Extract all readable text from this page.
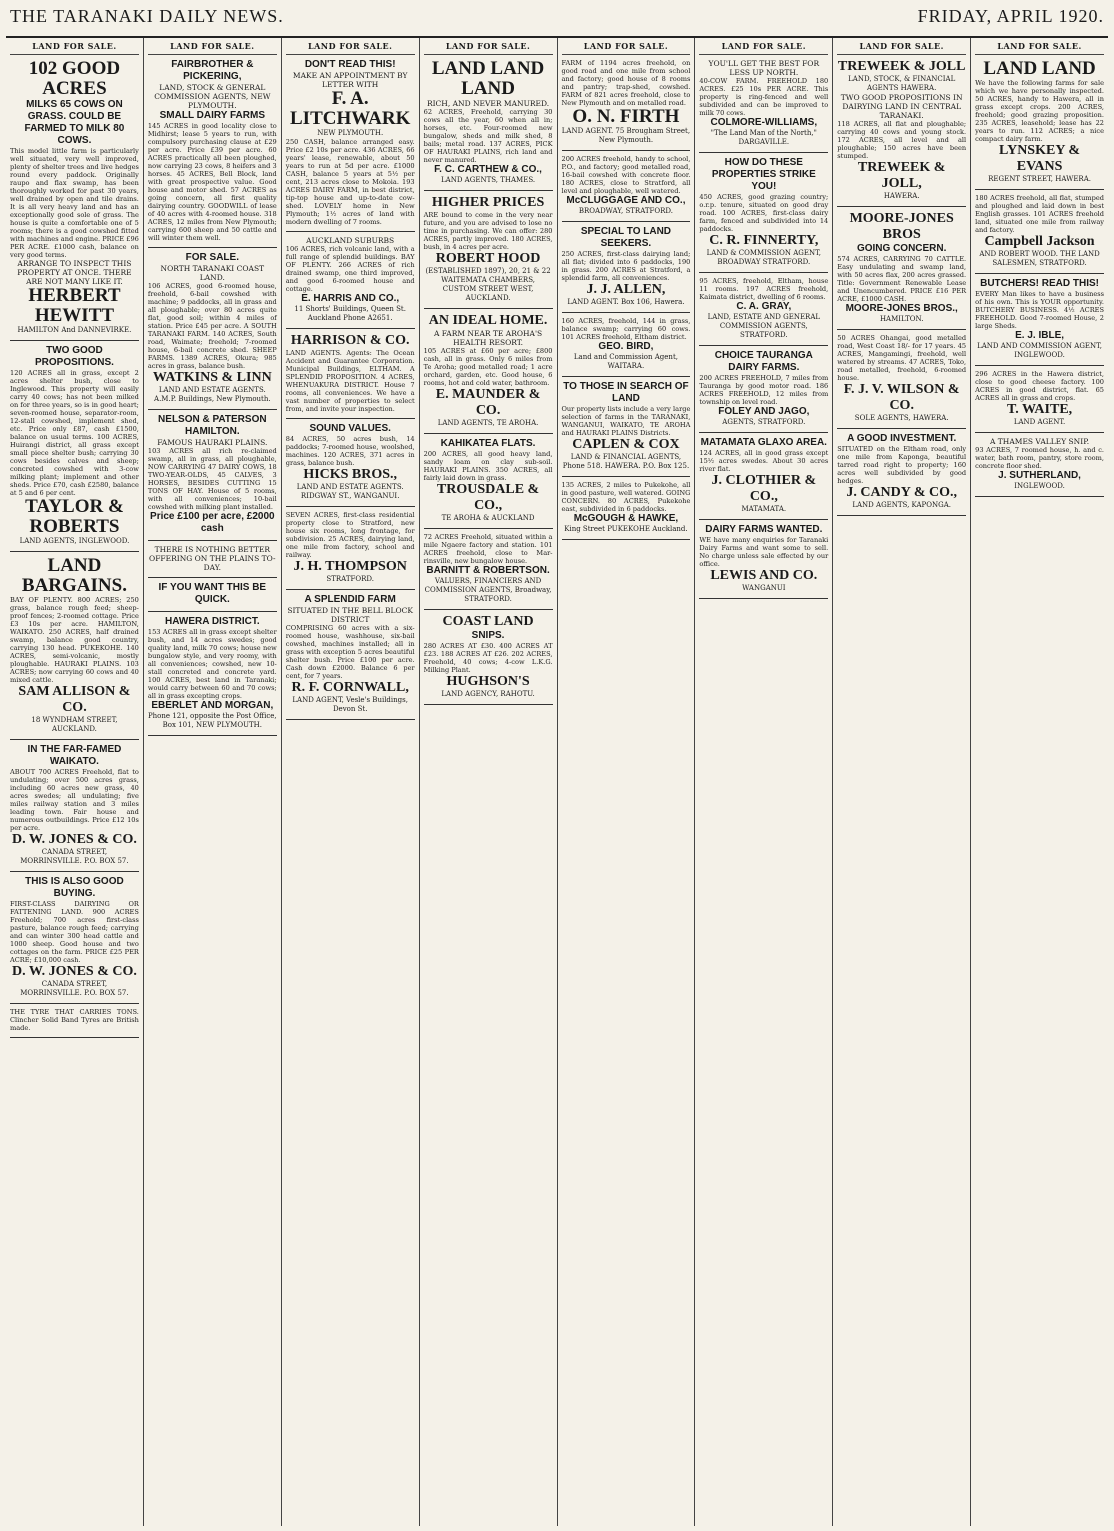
THE TARANAKI DAILY NEWS.	FRIDAY, APRIL 1920.
LAND FOR SALE.
102 GOOD ACRES
MILKS 65 COWS ON GRASS. COULD BE FARMED TO MILK 80 COWS.
This model little farm is particularly well situated, very well improved, plenty of shelter trees and live hedges round every paddock. Originally raupo and flax swamp, has been thoroughly worked for past 30 years, well drained by open and tile drains. It is all very heavy land and has an exceptionally good sole of grass. The house is quite a comfortable one of 5 rooms; there is a good cowshed fitted with machines and engine. PRICE £96 PER ACRE. £1000 cash, balance on very good terms.
ARRANGE TO INSPECT THIS PROPERTY AT ONCE. THERE ARE NOT MANY LIKE IT.
HERBERT HEWITT
HAMILTON And DANNEVIRKE.
TWO GOOD PROPOSITIONS.
120 ACRES all in grass, except 2 acres shelter bush, close to Inglewood. This property will easily carry 40 cows; has not been milked on for three years, so is in good heart; seven-roomed house, separator-room, 12-stall cowshed, implement shed, etc. Price only £87, cash £1500, balance on usual terms. 100 ACRES, Huirangi district, all grass except small piece shelter bush; carrying 30 cows besides calves and sheep; concreted cowshed with 3-cow milking plant; implement and other sheds. Price £70, cash £2580, balance at 5 and 6 per cent.
TAYLOR & ROBERTS
LAND AGENTS, INGLEWOOD.
LAND BARGAINS.
BAY OF PLENTY. 800 ACRES; 250 grass, balance rough feed; sheep-proof fences; 2-roomed cottage. Price £3 10s per acre. HAMILTON, WAIKATO. 250 ACRES, half drained swamp, balance good country, carrying 130 head. PUKEKOHE. 140 ACRES, semi-volcanic, mostly ploughable. HAURAKI PLAINS. 103 ACRES; now carrying 60 cows and 40 mixed cattle.
SAM ALLISON & CO.
18 WYNDHAM STREET, AUCKLAND.
IN THE FAR-FAMED WAIKATO.
ABOUT 700 ACRES Freehold, flat to undulating; over 500 acres grass, including 60 acres new grass, 40 acres swedes; all undulating; five miles railway station and 3 miles leading town. Fair house and numerous outbuildings. Price £12 10s per acre.
D. W. JONES & CO.
CANADA STREET, MORRINSVILLE. P.O. BOX 57.
THIS IS ALSO GOOD BUYING.
FIRST-CLASS DAIRYING OR FATTENING LAND. 900 ACRES Freehold; 700 acres first-class pasture, balance rough feed; carrying and can winter 300 head cattle and 1000 sheep. Good house and two cottages on the farm. PRICE £25 PER ACRE; £10,000 cash.
D. W. JONES & CO.
CANADA STREET, MORRINSVILLE. P.O. BOX 57.
THE TYRE THAT CARRIES TONS. Clincher Solid Band Tyres are British made.
LAND FOR SALE.
FAIRBROTHER & PICKERING,
LAND, STOCK & GENERAL COMMISSION AGENTS, NEW PLYMOUTH.
SMALL DAIRY FARMS
145 ACRES in good locality close to Midhirst; lease 5 years to run, with compulsory purchasing clause at £29 per acre. Price £39 per acre. 60 ACRES practically all been ploughed, now carrying 23 cows, 8 heifers and 3 horses. 45 ACRES, Bell Block, land with great prospective value. Good house and motor shed. 57 ACRES as going concern, all first quality dairying country. GOODWILL of lease of 40 acres with 4-roomed house. 318 ACRES, 12 miles from New Plymouth; carrying 600 sheep and 50 cattle and will winter them well.
FOR SALE.
NORTH TARANAKI COAST LAND.
106 ACRES, good 6-roomed house, freehold, 6-bail cowshed with machine; 9 paddocks, all in grass and all ploughable; over 80 acres quite flat, good soil; within 4 miles of station. Price £45 per acre. A SOUTH TARANAKI FARM. 140 ACRES, South road, Waimate; freehold; 7-roomed house, 6-bail concrete shed. SHEEP FARMS. 1389 ACRES, Okura; 985 acres in grass, balance bush.
WATKINS & LINN
LAND AND ESTATE AGENTS. A.M.P. Buildings, New Plymouth.
NELSON & PATERSON HAMILTON.
FAMOUS HAURAKI PLAINS.
103 ACRES all rich re-claimed swamp, all in grass, all ploughable, NOW CARRYING 47 DAIRY COWS, 18 TWO-YEAR-OLDS, 45 CALVES, 3 HORSES, BESIDES CUTTING 15 TONS OF HAY. House of 5 rooms, with all conveniences; 10-bail cowshed with milking plant installed.
Price £100 per acre, £2000 cash
THERE IS NOTHING BETTER OFFERING ON THE PLAINS TO-DAY.
IF YOU WANT THIS BE QUICK.
HAWERA DISTRICT.
153 ACRES all in grass except shelter bush, and 14 acres swedes; good quality land, milk 70 cows; house new bungalow style, and very roomy, with all conveniences; cowshed, new 10-stall concreted and concrete yard. 100 ACRES, best land in Taranaki; would carry between 60 and 70 cows; all in grass excepting crops.
EBERLET AND MORGAN,
Phone 121, opposite the Post Office, Box 101, NEW PLYMOUTH.
LAND FOR SALE.
DON'T READ THIS!
MAKE AN APPOINTMENT BY LETTER WITH
F. A. LITCHWARK
NEW PLYMOUTH.
250 CASH, balance arranged easy. Price £2 10s per acre. 436 ACRES, 66 years' lease, renewable, about 50 years to run at 5d per acre. £1000 CASH, balance 5 years at 5½ per cent, 213 acres close to Mokoia. 193 ACRES DAIRY FARM, in best district, tip-top house and up-to-date cow-shed. LOVELY home in New Plymouth; 1½ acres of land with modern dwelling of 7 rooms.
AUCKLAND SUBURBS
106 ACRES, rich volcanic land, with a full range of splendid buildings. BAY OF PLENTY. 266 ACRES of rich drained swamp, one third improved, and good 6-roomed house and cottage.
E. HARRIS AND CO.,
11 Shorts' Buildings, Queen St. Auckland Phone A2651.
HARRISON & CO.
LAND AGENTS. Agents: The Ocean Accident and Guarantee Corporation. Municipal Buildings, ELTHAM. A SPLENDID PROPOSITION. 4 ACRES, WHENUAKURA DISTRICT. House 7 rooms, all conveniences. We have a vast number of properties to select from, and invite your inspection.
SOUND VALUES.
84 ACRES, 50 acres bush, 14 paddocks; 7-roomed house, woolshed, machines. 120 ACRES, 371 acres in grass, balance bush.
HICKS BROS.,
LAND AND ESTATE AGENTS. RIDGWAY ST., WANGANUI.
SEVEN ACRES, first-class residential property close to Stratford, new house six rooms, long frontage, for subdivision. 25 ACRES, dairying land, one mile from factory, school and railway.
J. H. THOMPSON
STRATFORD.
A SPLENDID FARM
SITUATED IN THE BELL BLOCK DISTRICT
COMPRISING 60 acres with a six-roomed house, washhouse, six-bail cowshed, machines installed; all in grass with exception 5 acres beautiful shelter bush. Price £100 per acre. Cash down £2000. Balance 6 per cent, for 7 years.
R. F. CORNWALL,
LAND AGENT, Vesle's Buildings, Devon St.
LAND FOR SALE.
LAND LAND LAND
RICH, AND NEVER MANURED.
62 ACRES, Freehold, carrying 30 cows all the year, 60 when all in; horses, etc. Four-roomed new bungalow, sheds and milk shed, 8 bails; metal road. 137 ACRES, PICK OF HAURAKI PLAINS, rich land and never manured.
F. C. CARTHEW & CO.,
LAND AGENTS, THAMES.
HIGHER PRICES
ARE bound to come in the very near future, and you are advised to lose no time in purchasing. We can offer: 280 ACRES, partly improved. 180 ACRES, bush, in 4 acres per acre.
ROBERT HOOD
(ESTABLISHED 1897), 20, 21 & 22 WAITEMATA CHAMBERS, CUSTOM STREET WEST, AUCKLAND.
AN IDEAL HOME.
A FARM NEAR TE AROHA'S HEALTH RESORT.
105 ACRES at £60 per acre; £800 cash, all in grass. Only 6 miles from Te Aroha; good metalled road; 1 acre orchard, garden, etc. Good house, 6 rooms, hot and cold water, bathroom.
E. MAUNDER & CO.
LAND AGENTS, TE AROHA.
KAHIKATEA FLATS.
200 ACRES, all good heavy land, sandy loam on clay sub-soil. HAURAKI PLAINS. 350 ACRES, all fairly laid down in grass.
TROUSDALE & CO.,
TE AROHA & AUCKLAND
72 ACRES Freehold, situated within a mile Ngaere factory and station. 101 ACRES freehold, close to Mar-rinsville, new bungalow house.
BARNITT & ROBERTSON.
VALUERS, FINANCIERS AND COMMISSION AGENTS, Broadway, STRATFORD.
COAST LAND
SNIPS.
280 ACRES AT £30. 400 ACRES AT £23. 188 ACRES AT £26. 202 ACRES, Freehold, 40 cows; 4-cow L.K.G. Milking Plant.
HUGHSON'S
LAND AGENCY, RAHOTU.
LAND FOR SALE.
FARM of 1194 acres freehold, on good road and one mile from school and factory; good house of 8 rooms and pantry; trap-shed, cowshed. FARM of 821 acres freehold, close to New Plymouth and on metalled road.
O. N. FIRTH
LAND AGENT. 75 Brougham Street, New Plymouth.
200 ACRES freehold, handy to school, P.O., and factory; good metalled road, 16-bail cowshed with concrete floor. 180 ACRES, close to Stratford, all level and ploughable, well watered.
McCLUGGAGE AND CO.,
BROADWAY, STRATFORD.
SPECIAL TO LAND SEEKERS.
250 ACRES, first-class dairying land; all flat; divided into 6 paddocks, 190 in grass. 200 ACRES at Stratford, a splendid farm, all conveniences.
J. J. ALLEN,
LAND AGENT. Box 106, Hawera.
160 ACRES, freehold, 144 in grass, balance swamp; carrying 60 cows. 101 ACRES freehold, Eltham district.
GEO. BIRD,
Land and Commission Agent, WAITARA.
TO THOSE IN SEARCH OF LAND
Our property lists include a very large selection of farms in the TARANAKI, WANGANUI, WAIKATO, TE AROHA and HAURAKI PLAINS Districts.
CAPLEN & COX
LAND & FINANCIAL AGENTS, Phone 518. HAWERA. P.O. Box 125.
135 ACRES, 2 miles to Pukekohe, all in good pasture, well watered. GOING CONCERN. 80 ACRES, Pukekohe east, subdivided in 6 paddocks.
McGOUGH & HAWKE,
King Street PUKEKOHE Auckland.
LAND FOR SALE.
YOU'LL GET THE BEST FOR LESS UP NORTH.
40-COW FARM. FREEHOLD 180 ACRES. £25 10s PER ACRE. This property is ring-fenced and well subdivided and can be improved to milk 70 cows.
COLMORE-WILLIAMS,
"The Land Man of the North," DARGAVILLE.
HOW DO THESE PROPERTIES STRIKE YOU!
450 ACRES, good grazing country; o.r.p. tenure, situated on good dray road. 100 ACRES, first-class dairy farm, fenced and subdivided into 14 paddocks.
C. R. FINNERTY,
LAND & COMMISSION AGENT, BROADWAY STRATFORD.
95 ACRES, freehold, Eltham, house 11 rooms. 197 ACRES freehold, Kaimata district, dwelling of 6 rooms.
C. A. GRAY,
LAND, ESTATE AND GENERAL COMMISSION AGENTS, STRATFORD.
CHOICE TAURANGA DAIRY FARMS.
200 ACRES FREEHOLD, 7 miles from Tauranga by good motor road. 186 ACRES FREEHOLD, 12 miles from township on level road.
FOLEY AND JAGO,
AGENTS, STRATFORD.
MATAMATA GLAXO AREA.
124 ACRES, all in good grass except 15½ acres swedes. About 30 acres river flat.
J. CLOTHIER & CO.,
MATAMATA.
DAIRY FARMS WANTED.
WE have many enquiries for Taranaki Dairy Farms and want some to sell. No charge unless sale effected by our office.
LEWIS AND CO.
WANGANUI
LAND FOR SALE.
TREWEEK & JOLL
LAND, STOCK, & FINANCIAL AGENTS HAWERA.
TWO GOOD PROPOSITIONS IN DAIRYING LAND IN CENTRAL TARANAKI.
118 ACRES, all flat and ploughable; carrying 40 cows and young stock. 172 ACRES, all level and all ploughable; 150 acres have been stumped.
TREWEEK & JOLL,
HAWERA.
MOORE-JONES BROS
GOING CONCERN.
574 ACRES, CARRYING 70 CATTLE. Easy undulating and swamp land, with 50 acres flax, 200 acres grassed. Title: Government Renewable Lease and Unencumbered. PRICE £16 PER ACRE, £1000 CASH.
MOORE-JONES BROS.,
HAMILTON.
50 ACRES Ohangai, good metalled road, West Coast 18/- for 17 years. 45 ACRES, Mangamingi, freehold, well watered by streams. 47 ACRES, Toko, road metalled, freehold, 6-roomed house.
F. J. V. WILSON & CO.
SOLE AGENTS, HAWERA.
A GOOD INVESTMENT.
SITUATED on the Eltham road, only one mile from Kaponga, beautiful tarred road right to property; 160 acres well subdivided by good hedges.
J. CANDY & CO.,
LAND AGENTS, KAPONGA.
LAND FOR SALE.
LAND LAND
We have the following farms for sale which we have personally inspected. 50 ACRES, handy to Hawera, all in grass except crops. 200 ACRES, freehold; good grazing proposition. 235 ACRES, leasehold; lease has 22 years to run. 112 ACRES; a nice compact dairy farm.
LYNSKEY & EVANS
REGENT STREET, HAWERA.
180 ACRES freehold, all flat, stumped and ploughed and laid down in best English grasses. 101 ACRES freehold land, situated one mile from railway and factory.
Campbell Jackson
AND ROBERT WOOD. THE LAND SALESMEN, STRATFORD.
BUTCHERS! READ THIS!
EVERY Man likes to have a business of his own. This is YOUR opportunity. BUTCHERY BUSINESS. 4½ ACRES FREEHOLD. Good 7-roomed House, 2 large Sheds.
E. J. IBLE,
LAND AND COMMISSION AGENT, INGLEWOOD.
296 ACRES in the Hawera district, close to good cheese factory. 100 ACRES in good district, flat. 65 ACRES all in grass and crops.
T. WAITE,
LAND AGENT.
A THAMES VALLEY SNIP.
93 ACRES, 7 roomed house, h. and c. water, bath room, pantry, store room, concrete floor shed.
J. SUTHERLAND,
INGLEWOOD.
